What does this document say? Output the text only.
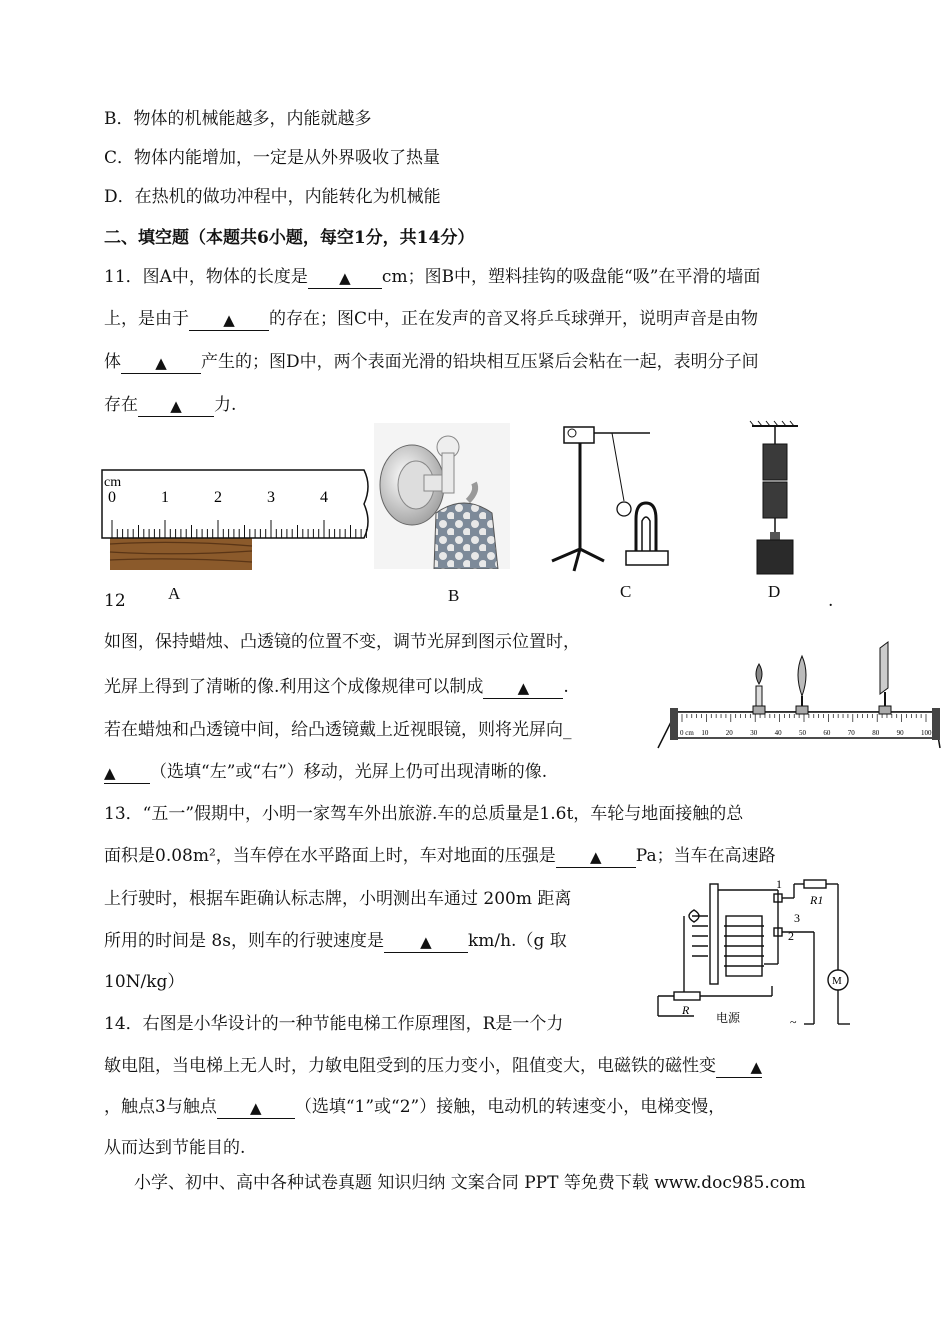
B．物体的机械能越多，内能就越多
C．物体内能增加，一定是从外界吸收了热量
D．在热机的做功冲程中，内能转化为机械能
二、填空题（本题共6小题，每空1分，共14分）
11．图A中，物体的长度是 ▲ cm；图B中，塑料挂钩的吸盘能“吸”在平滑的墙面
上，是由于 ▲ 的存在；图C中，正在发声的音叉将乒乓球弹开，说明声音是由物
体 ▲ 产生的；图D中，两个表面光滑的铅块相互压紧后会粘在一起，表明分子间
存在 ▲ 力.
cm
0	1	2	3	4
A	B	C	D
12	.
如图，保持蜡烛、凸透镜的位置不变，调节光屏到图示位置时，
光屏上得到了清晰的像.利用这个成像规律可以制成 ▲ .
若在蜡烛和凸透镜中间，给凸透镜戴上近视眼镜，则将光屏向_
▲ （选填“左”或“右”）移动，光屏上仍可出现清晰的像.
10 20 30 40 50 60 70 80 90 100
0 cm
13．“五一”假期中，小明一家驾车外出旅游.车的总质量是1.6t，车轮与地面接触的总
面积是0.08m²，当车停在水平路面上时，车对地面的压强是 ▲ Pa；当车在高速路
上行驶时，根据车距确认标志牌，小明测出车通过 200m 距离
所用的时间是 8s，则车的行驶速度是 ▲ km/h.（g 取
10N/kg）
1
3
2
R1
R
电源
M
~
14．右图是小华设计的一种节能电梯工作原理图，R是一个力
敏电阻，当电梯上无人时，力敏电阻受到的压力变小，阻值变大，电磁铁的磁性变 ▲
，触点3与触点 ▲ （选填“1”或“2”）接触，电动机的转速变小，电梯变慢，
从而达到节能目的.
小学、初中、高中各种试卷真题 知识归纳 文案合同 PPT 等免费下载 www.doc985.com
